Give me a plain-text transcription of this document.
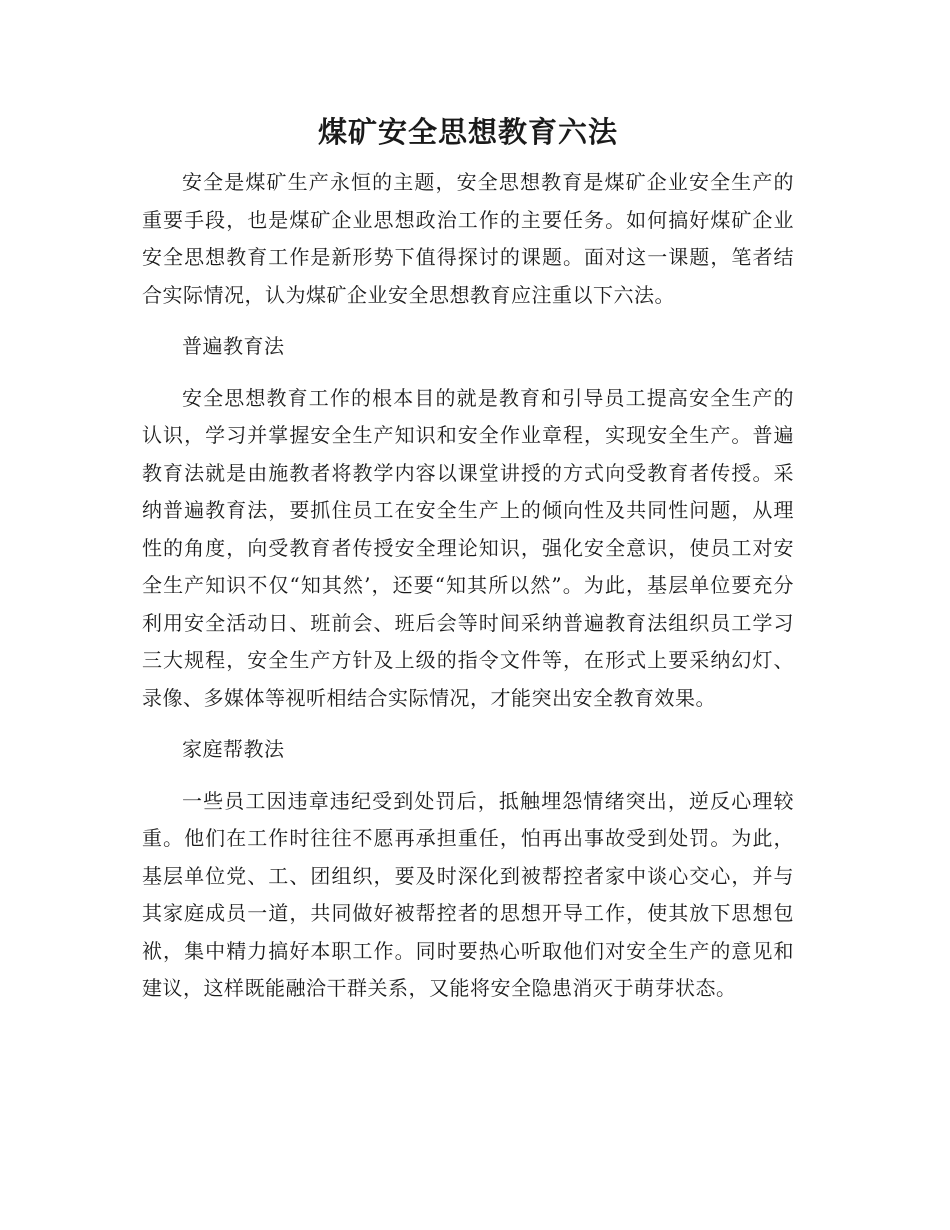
煤矿安全思想教育六法

安全是煤矿生产永恒的主题，安全思想教育是煤矿企业安全生产的重要手段，也是煤矿企业思想政治工作的主要任务。如何搞好煤矿企业安全思想教育工作是新形势下值得探讨的课题。面对这一课题，笔者结合实际情况，认为煤矿企业安全思想教育应注重以下六法。

普遍教育法

安全思想教育工作的根本目的就是教育和引导员工提高安全生产的认识，学习并掌握安全生产知识和安全作业章程，实现安全生产。普遍教育法就是由施教者将教学内容以课堂讲授的方式向受教育者传授。采纳普遍教育法，要抓住员工在安全生产上的倾向性及共同性问题，从理性的角度，向受教育者传授安全理论知识，强化安全意识，使员工对安全生产知识不仅“知其然’，还要“知其所以然”。为此，基层单位要充分利用安全活动日、班前会、班后会等时间采纳普遍教育法组织员工学习三大规程，安全生产方针及上级的指令文件等，在形式上要采纳幻灯、录像、多媒体等视听相结合实际情况，才能突出安全教育效果。

家庭帮教法

一些员工因违章违纪受到处罚后，抵触埋怨情绪突出，逆反心理较重。他们在工作时往往不愿再承担重任，怕再出事故受到处罚。为此，基层单位党、工、团组织，要及时深化到被帮控者家中谈心交心，并与其家庭成员一道，共同做好被帮控者的思想开导工作，使其放下思想包袱，集中精力搞好本职工作。同时要热心听取他们对安全生产的意见和建议，这样既能融洽干群关系，又能将安全隐患消灭于萌芽状态。
